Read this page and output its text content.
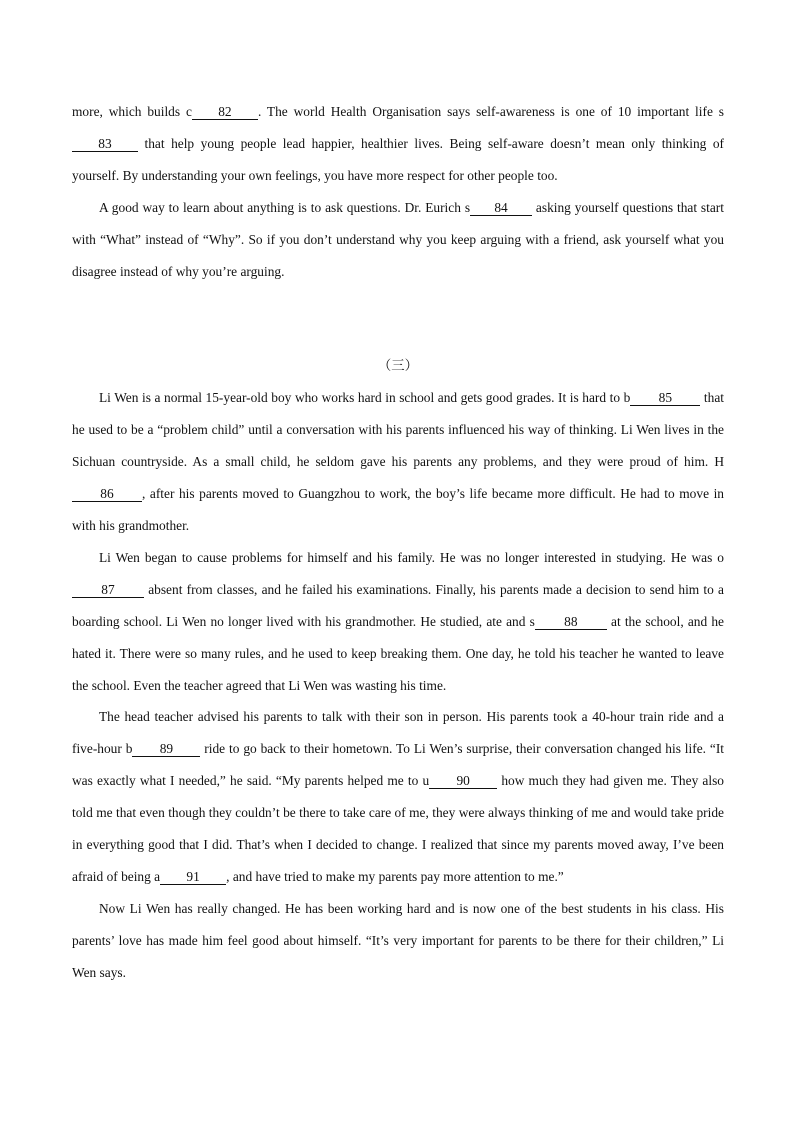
more, which builds c 82 . The world Health Organisation says self-awareness is one of 10 important life s83 that help young people lead happier, healthier lives. Being self-aware doesn’t mean only thinking of yourself. By understanding your own feelings, you have more respect for other people too.

A good way to learn about anything is to ask questions. Dr. Eurich s 84 asking yourself questions that start with “What” instead of “Why”. So if you don’t understand why you keep arguing with a friend, ask yourself what you disagree instead of why you’re arguing.

（三）

Li Wen is a normal 15-year-old boy who works hard in school and gets good grades. It is hard to b 85 that he used to be a “problem child” until a conversation with his parents influenced his way of thinking. Li Wen lives in the Sichuan countryside. As a small child, he seldom gave his parents any problems, and they were proud of him. H86 , after his parents moved to Guangzhou to work, the boy’s life became more difficult. He had to move in with his grandmother.

Li Wen began to cause problems for himself and his family. He was no longer interested in studying. He was o87 absent from classes, and he failed his examinations. Finally, his parents made a decision to send him to a boarding school. Li Wen no longer lived with his grandmother. He studied, ate and s 88 at the school, and he hated it. There were so many rules, and he used to keep breaking them. One day, he told his teacher he wanted to leave the school. Even the teacher agreed that Li Wen was wasting his time.

The head teacher advised his parents to talk with their son in person. His parents took a 40-hour train ride and a five-hour b 89 ride to go back to their hometown. To Li Wen’s surprise, their conversation changed his life. “It was exactly what I needed,” he said. “My parents helped me to u 90 how much they had given me. They also told me that even though they couldn’t be there to take care of me, they were always thinking of me and would take pride in everything good that I did. That’s when I decided to change. I realized that since my parents moved away, I’ve been afraid of being a 91 , and have tried to make my parents pay more attention to me.”

Now Li Wen has really changed. He has been working hard and is now one of the best students in his class. His parents’ love has made him feel good about himself. “It’s very important for parents to be there for their children,” Li Wen says.
